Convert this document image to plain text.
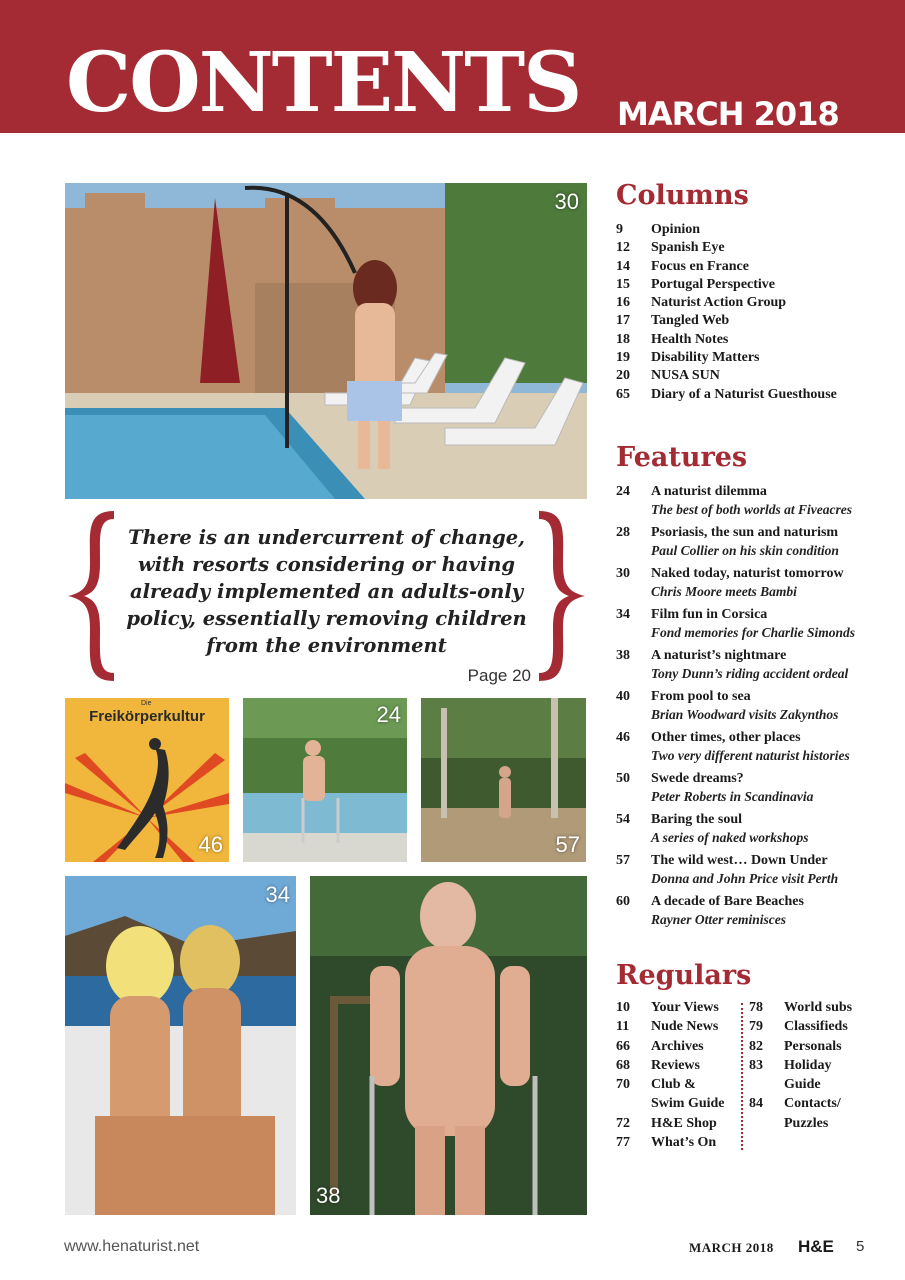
CONTENTS MARCH 2018
30
There is an undercurrent of change, with resorts considering or having already implemented an adults-only policy, essentially removing children from the environment
Page 20
Die
Freikörperkultur
46
24
57
34
38
Columns
9	Opinion
12	Spanish Eye
14	Focus en France
15	Portugal Perspective
16	Naturist Action Group
17	Tangled Web
18	Health Notes
19	Disability Matters
20	NUSA SUN
65	Diary of a Naturist Guesthouse
Features
24	A naturist dilemma
The best of both worlds at Fiveacres
28	Psoriasis, the sun and naturism
Paul Collier on his skin condition
30	Naked today, naturist tomorrow
Chris Moore meets Bambi
34	Film fun in Corsica
Fond memories for Charlie Simonds
38	A naturist’s nightmare
Tony Dunn’s riding accident ordeal
40	From pool to sea
Brian Woodward visits Zakynthos
46	Other times, other places
Two very different naturist histories
50	Swede dreams?
Peter Roberts in Scandinavia
54	Baring the soul
A series of naked workshops
57	The wild west… Down Under
Donna and John Price visit Perth
60	A decade of Bare Beaches
Rayner Otter reminisces
Regulars
10	Your Views
11	Nude News
66	Archives
68	Reviews
70	Club &
Swim Guide
72	H&E Shop
77	What’s On
78	World subs
79	Classifieds
82	Personals
83	Holiday
Guide
84	Contacts/
Puzzles
www.henaturist.net	MARCH 2018 H&E 5
